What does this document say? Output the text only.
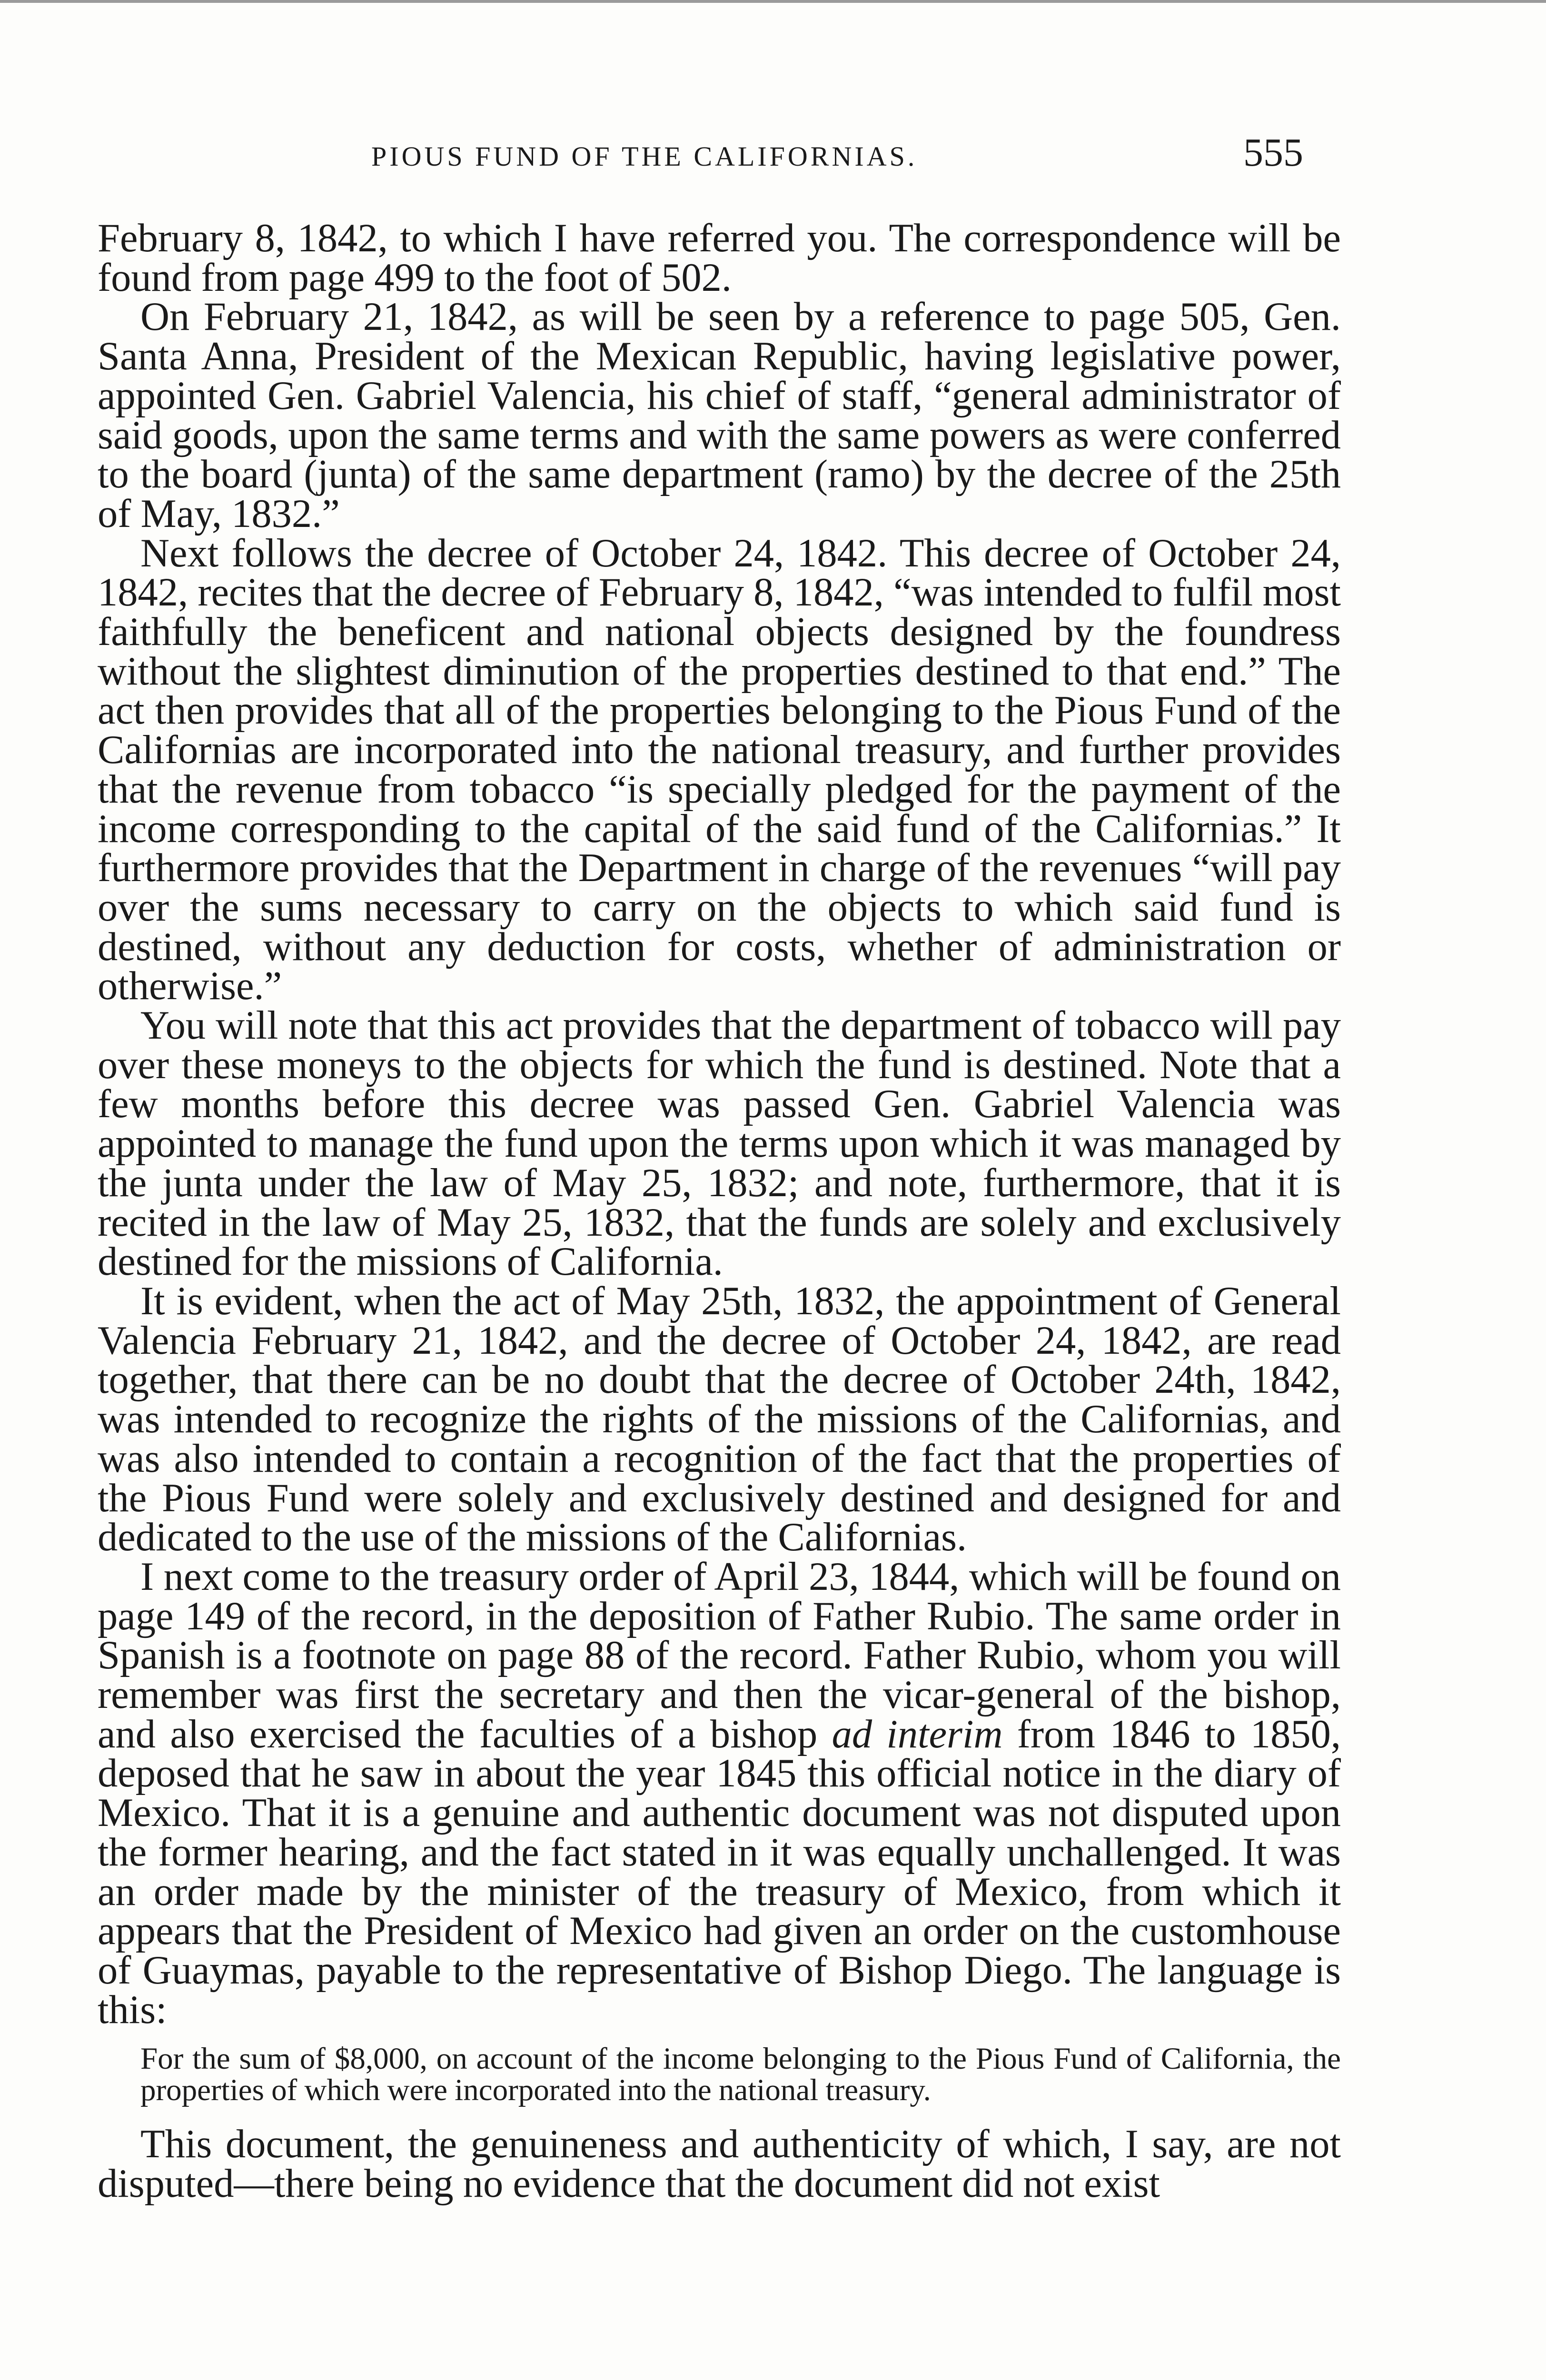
PIOUS FUND OF THE CALIFORNIAS.	555

February 8, 1842, to which I have referred you. The correspondence will be found from page 499 to the foot of 502.

On February 21, 1842, as will be seen by a reference to page 505, Gen. Santa Anna, President of the Mexican Republic, having legislative power, appointed Gen. Gabriel Valencia, his chief of staff, “general administrator of said goods, upon the same terms and with the same powers as were conferred to the board (junta) of the same department (ramo) by the decree of the 25th of May, 1832.”

Next follows the decree of October 24, 1842. This decree of October 24, 1842, recites that the decree of February 8, 1842, “was intended to fulfil most faithfully the beneficent and national objects designed by the foundress without the slightest diminution of the properties destined to that end.” The act then provides that all of the properties belonging to the Pious Fund of the Californias are incorporated into the national treasury, and further provides that the revenue from tobacco “is specially pledged for the payment of the income corresponding to the capital of the said fund of the Californias.” It furthermore provides that the Department in charge of the revenues “will pay over the sums necessary to carry on the objects to which said fund is destined, without any deduction for costs, whether of administration or otherwise.”

You will note that this act provides that the department of tobacco will pay over these moneys to the objects for which the fund is destined. Note that a few months before this decree was passed Gen. Gabriel Valencia was appointed to manage the fund upon the terms upon which it was managed by the junta under the law of May 25, 1832; and note, furthermore, that it is recited in the law of May 25, 1832, that the funds are solely and exclusively destined for the missions of California.

It is evident, when the act of May 25th, 1832, the appointment of General Valencia February 21, 1842, and the decree of October 24, 1842, are read together, that there can be no doubt that the decree of October 24th, 1842, was intended to recognize the rights of the missions of the Californias, and was also intended to contain a recognition of the fact that the properties of the Pious Fund were solely and exclusively destined and designed for and dedicated to the use of the missions of the Californias.

I next come to the treasury order of April 23, 1844, which will be found on page 149 of the record, in the deposition of Father Rubio. The same order in Spanish is a footnote on page 88 of the record. Father Rubio, whom you will remember was first the secretary and then the vicar-general of the bishop, and also exercised the faculties of a bishop ad interim from 1846 to 1850, deposed that he saw in about the year 1845 this official notice in the diary of Mexico. That it is a genuine and authentic document was not disputed upon the former hearing, and the fact stated in it was equally unchallenged. It was an order made by the minister of the treasury of Mexico, from which it appears that the President of Mexico had given an order on the customhouse of Guaymas, payable to the representative of Bishop Diego. The language is this:

For the sum of $8,000, on account of the income belonging to the Pious Fund of California, the properties of which were incorporated into the national treasury.

This document, the genuineness and authenticity of which, I say, are not disputed—there being no evidence that the document did not exist
